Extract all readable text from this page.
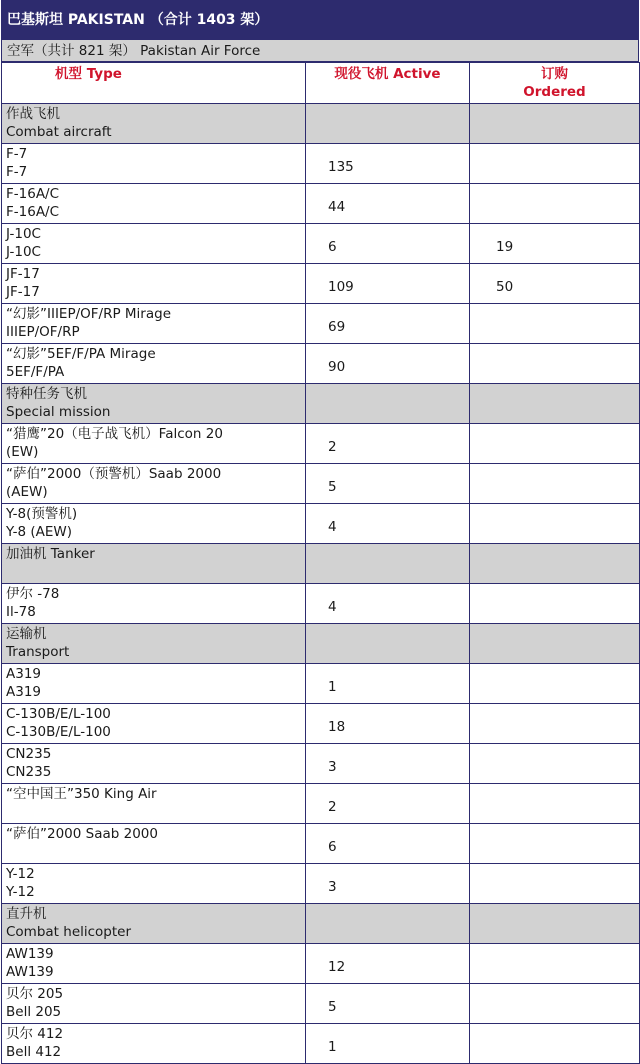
巴基斯坦 PAKISTAN （合计 1403 架）
空军（共计 821 架） Pakistan Air Force
机型 Type	现役飞机 Active	订购
Ordered

作战飞机
Combat aircraft		

F-7
F-7	135	

F-16A/C
F-16A/C	44	

J-10C
J-10C	6	19

JF-17
JF-17	109	50

“幻影”IIIEP/OF/RP Mirage
IIIEP/OF/RP	69	

“幻影”5EF/F/PA Mirage
5EF/F/PA	90	

特种任务飞机
Special mission		

“猎鹰”20（电子战飞机）Falcon 20
(EW)	2	

“萨伯”2000（预警机）Saab 2000
(AEW)	5	

Y-8(预警机)
Y-8 (AEW)	4	

加油机 Tanker		

伊尔 -78
Il-78	4	

运输机
Transport		

A319
A319	1	

C-130B/E/L-100
C-130B/E/L-100	18	

CN235
CN235	3	

“空中国王”350 King Air	2	

“萨伯”2000 Saab 2000	6	

Y-12
Y-12	3	

直升机
Combat helicopter		

AW139
AW139	12	

贝尔 205
Bell 205	5	

贝尔 412
Bell 412	1	
